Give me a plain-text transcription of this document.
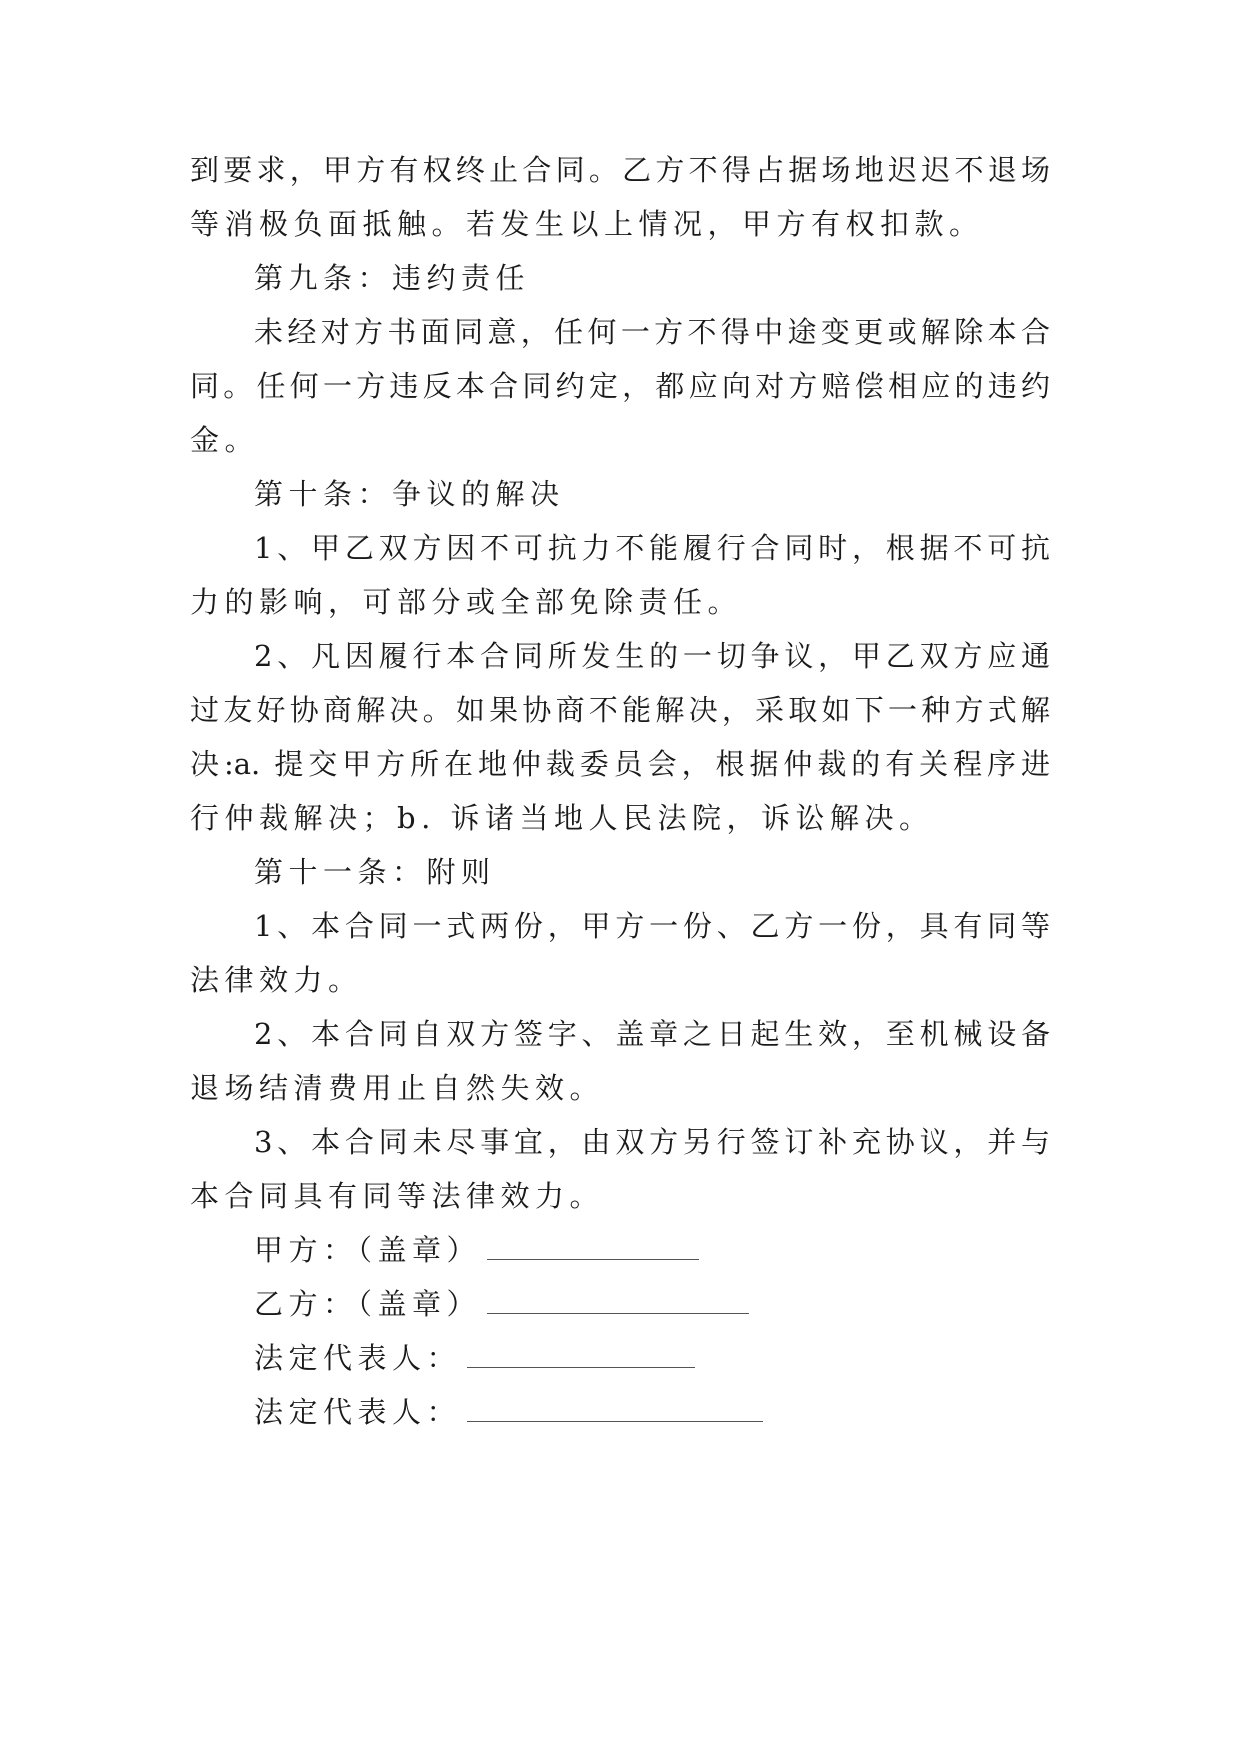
到要求，甲方有权终止合同。乙方不得占据场地迟迟不退场
等消极负面抵触。若发生以上情况，甲方有权扣款。
第九条：违约责任
未经对方书面同意，任何一方不得中途变更或解除本合
同。任何一方违反本合同约定，都应向对方赔偿相应的违约
金。
第十条：争议的解决
1、甲乙双方因不可抗力不能履行合同时，根据不可抗
力的影响，可部分或全部免除责任。
2、凡因履行本合同所发生的一切争议，甲乙双方应通
过友好协商解决。如果协商不能解决，采取如下一种方式解
决:a. 提交甲方所在地仲裁委员会，根据仲裁的有关程序进
行仲裁解决；b. 诉诸当地人民法院，诉讼解决。
第十一条：附则
1、本合同一式两份，甲方一份、乙方一份，具有同等
法律效力。
2、本合同自双方签字、盖章之日起生效，至机械设备
退场结清费用止自然失效。
3、本合同未尽事宜，由双方另行签订补充协议，并与
本合同具有同等法律效力。
甲方：（盖章）
乙方：（盖章）
法定代表人：
法定代表人：
